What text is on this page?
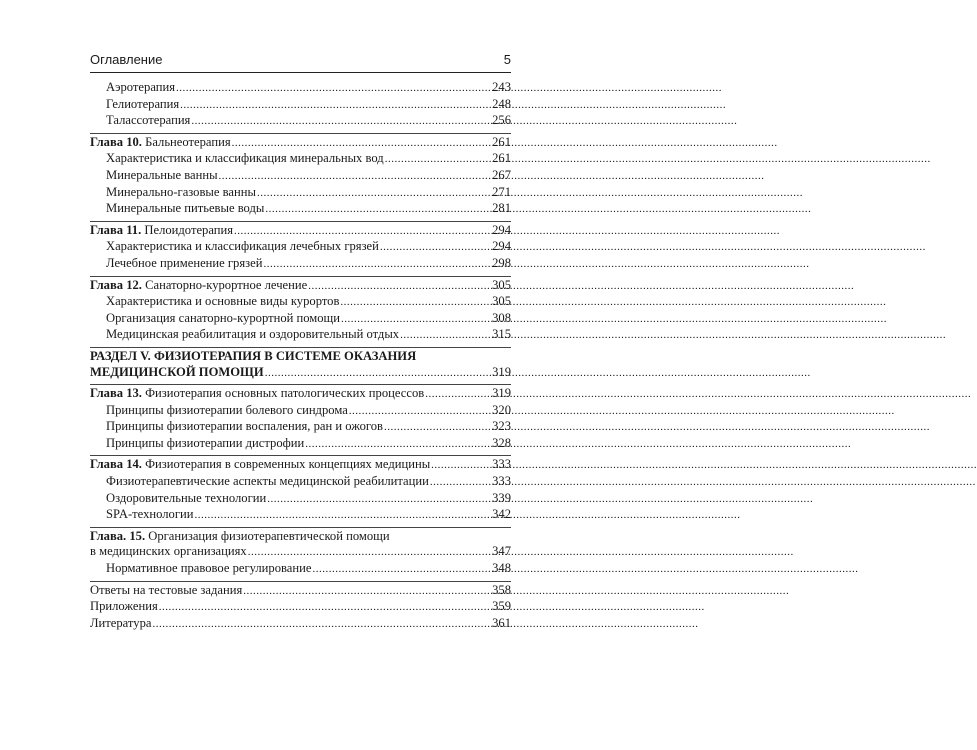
Оглавление	5
Аэротерапия .....	243
Гелиотерапия .....	248
Талассотерапия .....	256
Глава 10. Бальнеотерапия .....	261
Характеристика и классификация минеральных вод .....	261
Минеральные ванны .....	267
Минерально-газовые ванны .....	271
Минеральные питьевые воды .....	281
Глава 11. Пелоидотерапия .....	294
Характеристика и классификация лечебных грязей .....	294
Лечебное применение грязей .....	298
Глава 12. Санаторно-курортное лечение .....	305
Характеристика и основные виды курортов .....	305
Организация санаторно-курортной помощи .....	308
Медицинская реабилитация и оздоровительный отдых .....	315
РАЗДЕЛ V. ФИЗИОТЕРАПИЯ В СИСТЕМЕ ОКАЗАНИЯ
МЕДИЦИНСКОЙ ПОМОЩИ .....	319
Глава 13. Физиотерапия основных патологических процессов .....	319
Принципы физиотерапии болевого синдрома .....	320
Принципы физиотерапии воспаления, ран и ожогов .....	323
Принципы физиотерапии дистрофии .....	328
Глава 14. Физиотерапия в современных концепциях медицины .....	333
Физиотерапевтические аспекты медицинской реабилитации .....	333
Оздоровительные технологии .....	339
SPA-технологии .....	342
Глава. 15. Организация физиотерапевтической помощи
в медицинских организациях .....	347
Нормативное правовое регулирование .....	348
Ответы на тестовые задания .....	358
Приложения .....	359
Литература .....	361
